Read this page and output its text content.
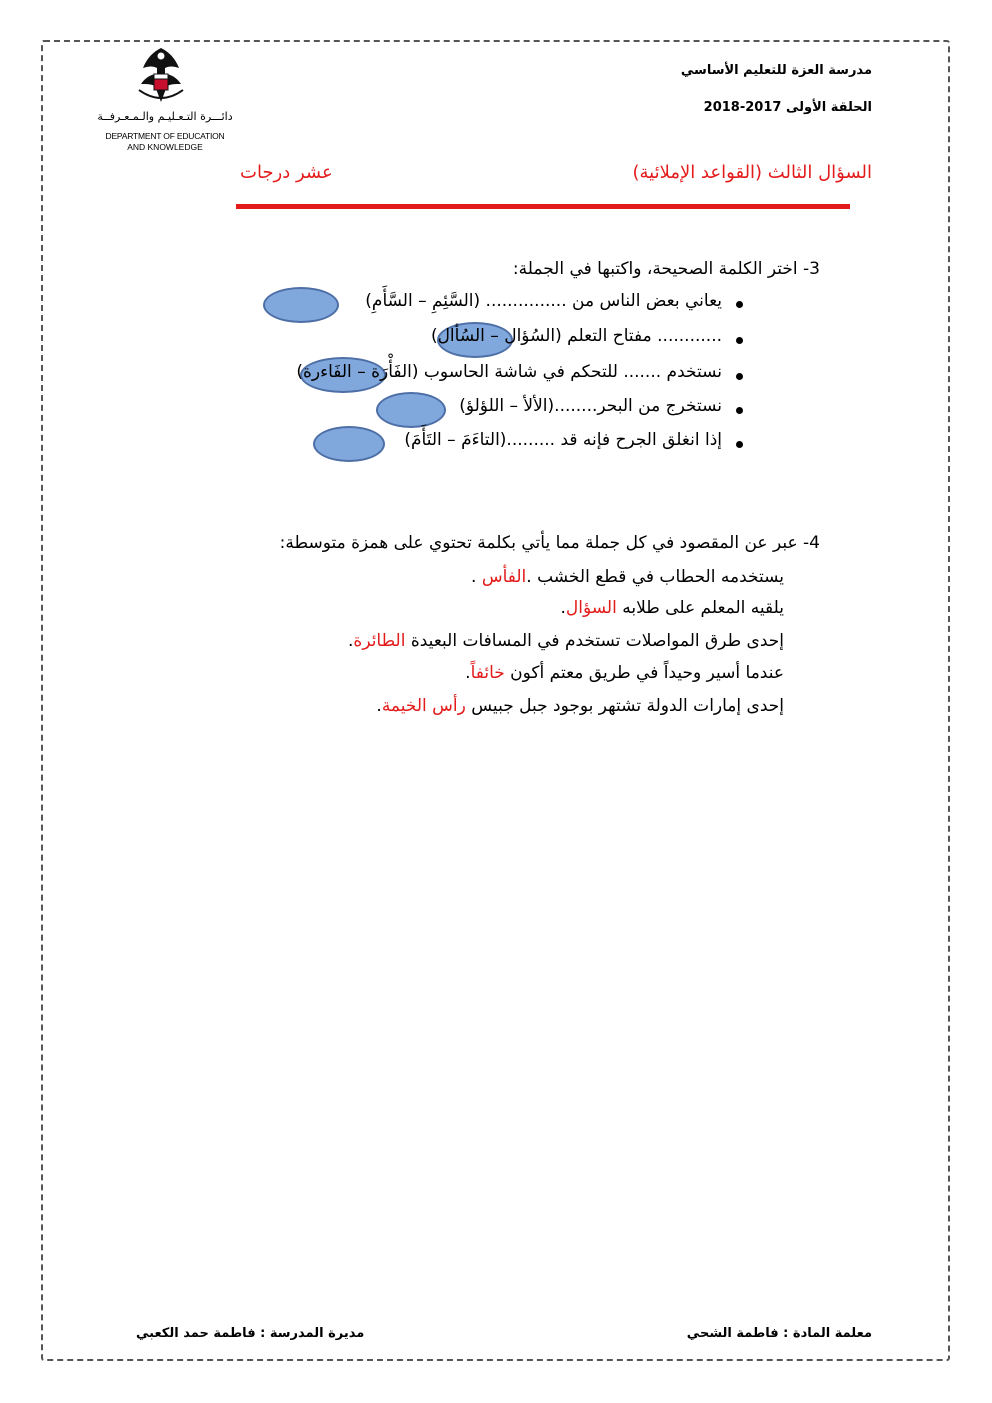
مدرسة العزة للتعليم الأساسي
الحلقة الأولى 2017-2018
دائـــرة التـعـليـم والـمـعـرفــة
DEPARTMENT OF EDUCATION
AND KNOWLEDGE
السؤال الثالث (القواعد الإملائية)
عشر درجات
3- اختر الكلمة الصحيحة، واكتبها في الجملة:
يعاني بعض الناس من ............... (السَّئِمِ – السَّأَمِ)
............ مفتاح التعلم (السُؤال – السُأال)
نستخدم ....... للتحكم في شاشة الحاسوب (الفَأْرَة – الفَاءرة)
نستخرج من البحر........(الألأ – اللؤلؤ)
إذا انغلق الجرح فإنه قد .........(التاءَمَ – التَأَمَ)
4- عبر عن المقصود في كل جملة مما يأتي بكلمة تحتوي على همزة متوسطة:
يستخدمه الحطاب في قطع الخشب .الفأس .
يلقيه المعلم على طلابه السؤال.
إحدى طرق المواصلات تستخدم في المسافات البعيدة الطائرة.
عندما أسير وحيداً في طريق معتم أكون خائفاً.
إحدى إمارات الدولة تشتهر بوجود جبل جبيس رأس الخيمة.
معلمة المادة : فاطمة الشحي
مديرة المدرسة : فاطمة حمد الكعبي
